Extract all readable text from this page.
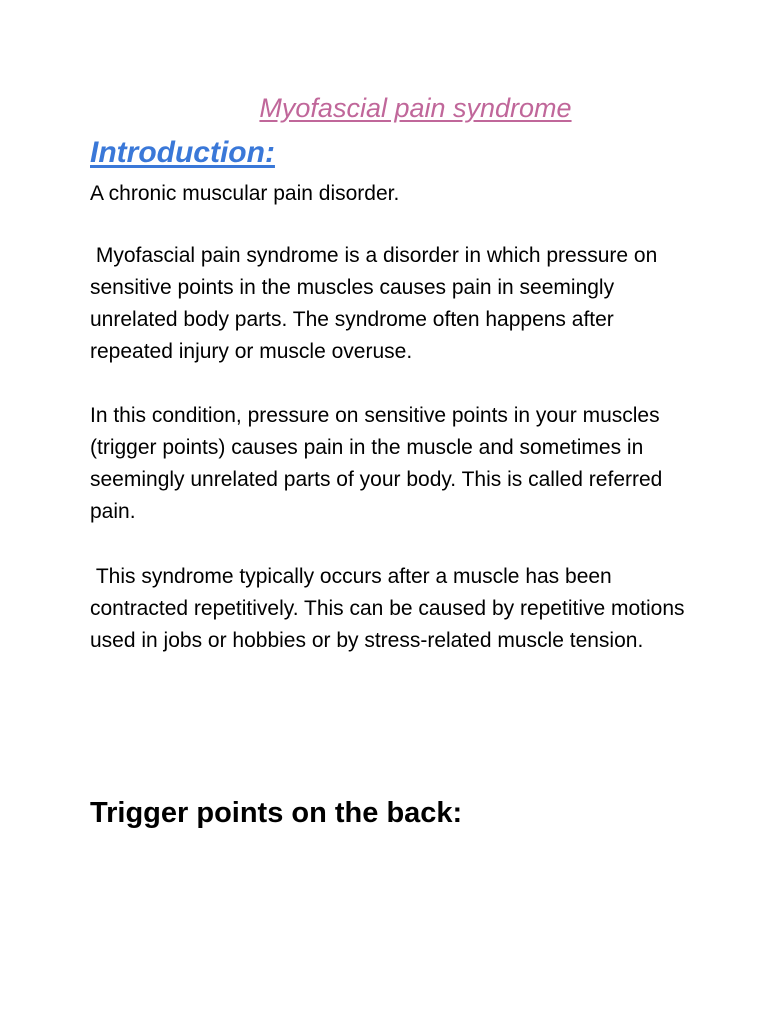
Myofascial pain syndrome
Introduction:

A chronic muscular pain disorder.

Myofascial pain syndrome is a disorder in which pressure on sensitive points in the muscles causes pain in seemingly unrelated body parts. The syndrome often happens after repeated injury or muscle overuse.

In this condition, pressure on sensitive points in your muscles (trigger points) causes pain in the muscle and sometimes in seemingly unrelated parts of your body. This is called referred pain.

This syndrome typically occurs after a muscle has been contracted repetitively. This can be caused by repetitive motions used in jobs or hobbies or by stress-related muscle tension.

Trigger points on the back:
